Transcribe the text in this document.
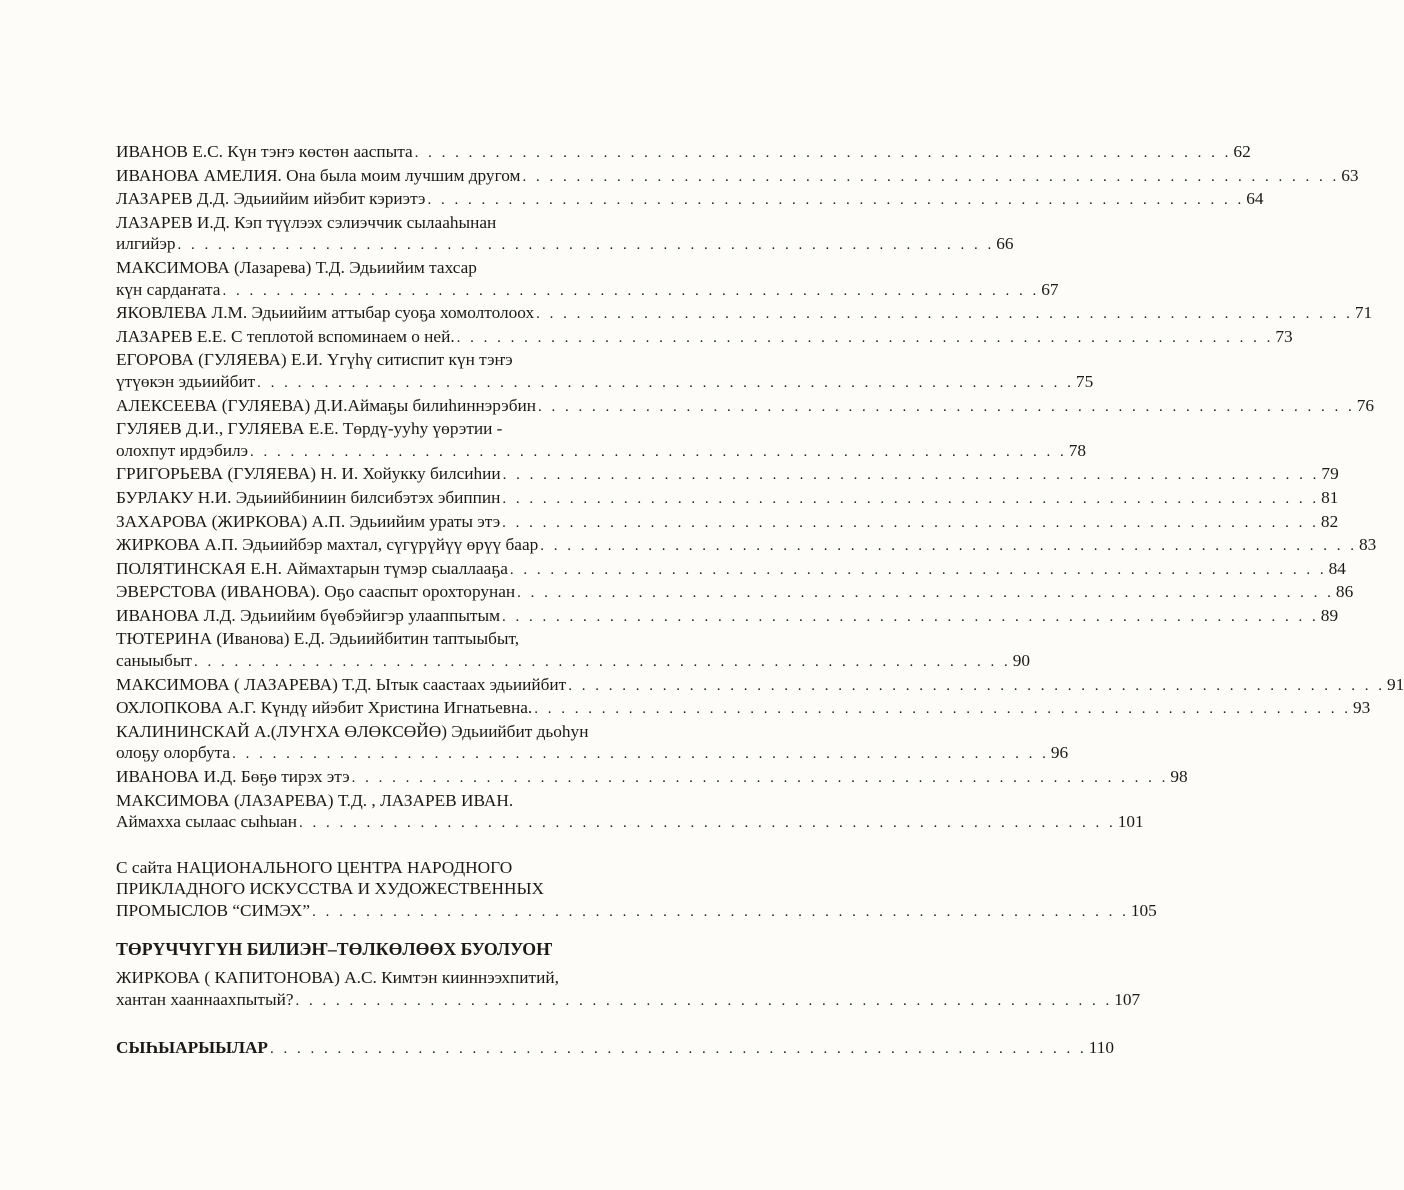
ИВАНОВ Е.С. Күн тэҥэ көстөн ааспыта . . . . . . . . . . . . . . . . . . . . . . . . . . . . . . . . . . . . . . . . . . . . . . . . . . . . . . . . . . . . . 62
ИВАНОВА АМЕЛИЯ. Она была моим лучшим другом . . . . . . . . . . . . . . . . . . . . . . . . . . . . . . . . . . . . . . . . . . . . . . . . . . . . . . . . . . . . . 63
ЛАЗАРЕВ Д.Д. Эдьиийим ийэбит кэриэтэ . . . . . . . . . . . . . . . . . . . . . . . . . . . . . . . . . . . . . . . . . . . . . . . . . . . . . . . . . . . . . 64
ЛАЗАРЕВ И.Д. Кэп түүлээх сэлиэччик сылааһынан
илгийэр . . . . . . . . . . . . . . . . . . . . . . . . . . . . . . . . . . . . . . . . . . . . . . . . . . . . . . . . . . . . . 66
МАКСИМОВА (Лазарева) Т.Д. Эдьиийим тахсар
күн сардаҥата . . . . . . . . . . . . . . . . . . . . . . . . . . . . . . . . . . . . . . . . . . . . . . . . . . . . . . . . . . . . . 67
ЯКОВЛЕВА Л.М. Эдьиийим аттыбар суоҕа хомолтолоох . . . . . . . . . . . . . . . . . . . . . . . . . . . . . . . . . . . . . . . . . . . . . . . . . . . . . . . . . . . . . 71
ЛАЗАРЕВ Е.Е. С теплотой вспоминаем о ней. . . . . . . . . . . . . . . . . . . . . . . . . . . . . . . . . . . . . . . . . . . . . . . . . . . . . . . . . . . . . . 73
ЕГОРОВА (ГУЛЯЕВА) Е.И. Үгүһү ситиспит күн тэҥэ
үтүөкэн эдьиийбит . . . . . . . . . . . . . . . . . . . . . . . . . . . . . . . . . . . . . . . . . . . . . . . . . . . . . . . . . . . . . 75
АЛЕКСЕЕВА (ГУЛЯЕВА) Д.И.Аймаҕы билиһиннэрэбин . . . . . . . . . . . . . . . . . . . . . . . . . . . . . . . . . . . . . . . . . . . . . . . . . . . . . . . . . . . . . 76
ГУЛЯЕВ Д.И., ГУЛЯЕВА Е.Е. Төрдү-ууһу үөрэтии -
олохпут ирдэбилэ . . . . . . . . . . . . . . . . . . . . . . . . . . . . . . . . . . . . . . . . . . . . . . . . . . . . . . . . . . . . . 78
ГРИГОРЬЕВА (ГУЛЯЕВА) Н. И. Хойукку билсиһии . . . . . . . . . . . . . . . . . . . . . . . . . . . . . . . . . . . . . . . . . . . . . . . . . . . . . . . . . . . . . 79
БУРЛАКУ Н.И. Эдьиийбиниин билсибэтэх эбиппин . . . . . . . . . . . . . . . . . . . . . . . . . . . . . . . . . . . . . . . . . . . . . . . . . . . . . . . . . . . . . 81
ЗАХАРОВА (ЖИРКОВА) А.П. Эдьиийим ураты этэ . . . . . . . . . . . . . . . . . . . . . . . . . . . . . . . . . . . . . . . . . . . . . . . . . . . . . . . . . . . . . 82
ЖИРКОВА А.П. Эдьиийбэр махтал, сүгүрүйүү өрүү баар . . . . . . . . . . . . . . . . . . . . . . . . . . . . . . . . . . . . . . . . . . . . . . . . . . . . . . . . . . . . . 83
ПОЛЯТИНСКАЯ Е.Н. Аймахтарын түмэр сыаллааҕа . . . . . . . . . . . . . . . . . . . . . . . . . . . . . . . . . . . . . . . . . . . . . . . . . . . . . . . . . . . . . 84
ЭВЕРСТОВА (ИВАНОВА). Оҕо сааспыт орохторунан . . . . . . . . . . . . . . . . . . . . . . . . . . . . . . . . . . . . . . . . . . . . . . . . . . . . . . . . . . . . . 86
ИВАНОВА Л.Д. Эдьиийим бүөбэйигэр улааппытым . . . . . . . . . . . . . . . . . . . . . . . . . . . . . . . . . . . . . . . . . . . . . . . . . . . . . . . . . . . . . 89
ТЮТЕРИНА (Иванова) Е.Д. Эдьиийбитин таптыыбыт,
саныыбыт . . . . . . . . . . . . . . . . . . . . . . . . . . . . . . . . . . . . . . . . . . . . . . . . . . . . . . . . . . . . . 90
МАКСИМОВА ( ЛАЗАРЕВА) Т.Д. Ытык саастаах эдьиийбит . . . . . . . . . . . . . . . . . . . . . . . . . . . . . . . . . . . . . . . . . . . . . . . . . . . . . . . . . . . . . 91
ОХЛОПКОВА А.Г. Күндү ийэбит Христина Игнатьевна. . . . . . . . . . . . . . . . . . . . . . . . . . . . . . . . . . . . . . . . . . . . . . . . . . . . . . . . . . . . . . 93
КАЛИНИНСКАЙ А.(ЛУҤХА ӨЛӨКСӨЙӨ) Эдьиийбит дьоһун
олоҕу олорбута . . . . . . . . . . . . . . . . . . . . . . . . . . . . . . . . . . . . . . . . . . . . . . . . . . . . . . . . . . . . . 96
ИВАНОВА И.Д. Бөҕө тирэх этэ . . . . . . . . . . . . . . . . . . . . . . . . . . . . . . . . . . . . . . . . . . . . . . . . . . . . . . . . . . . . . 98
МАКСИМОВА (ЛАЗАРЕВА) Т.Д. , ЛАЗАРЕВ ИВАН.
Аймахха сылаас сыһыан . . . . . . . . . . . . . . . . . . . . . . . . . . . . . . . . . . . . . . . . . . . . . . . . . . . . . . . . . . . . . 101
С сайта НАЦИОНАЛЬНОГО ЦЕНТРА НАРОДНОГО
ПРИКЛАДНОГО ИСКУССТВА И ХУДОЖЕСТВЕННЫХ
ПРОМЫСЛОВ “СИМЭХ” . . . . . . . . . . . . . . . . . . . . . . . . . . . . . . . . . . . . . . . . . . . . . . . . . . . . . . . . . . . . . 105
ТӨРҮЧЧҮГҮН БИЛИЭҤ–ТӨЛКӨЛӨӨХ БУОЛУОҤ
ЖИРКОВА ( КАПИТОНОВА) А.С. Кимтэн кииннээхпитий,
хантан хааннаахпытый? . . . . . . . . . . . . . . . . . . . . . . . . . . . . . . . . . . . . . . . . . . . . . . . . . . . . . . . . . . . . . 107
СЫҺЫАРЫЫЛАР . . . . . . . . . . . . . . . . . . . . . . . . . . . . . . . . . . . . . . . . . . . . . . . . . . . . . . . . . . . . . 110
